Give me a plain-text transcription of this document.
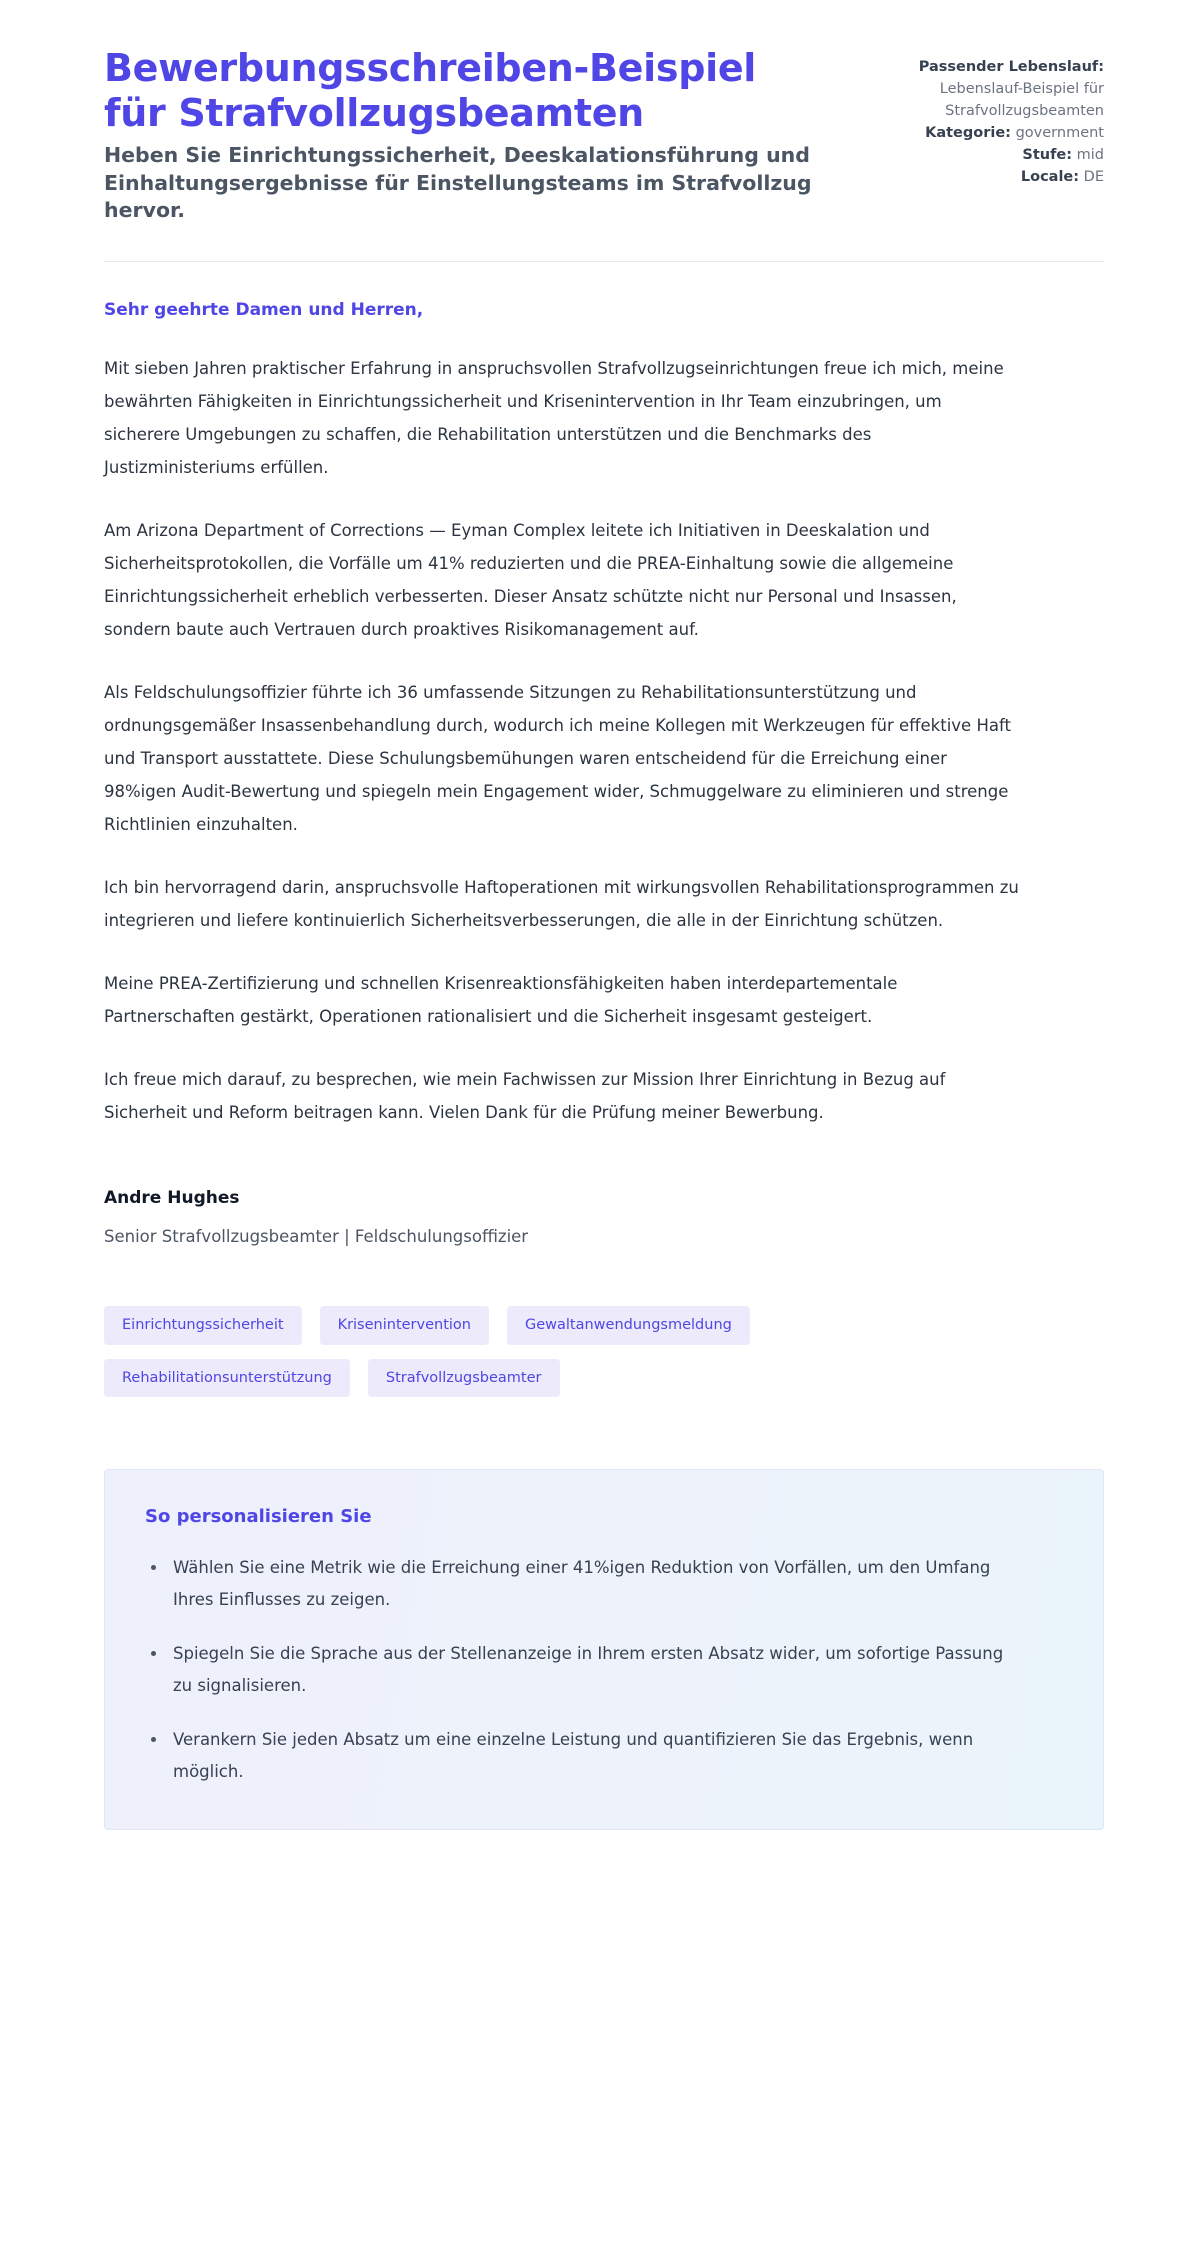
Bewerbungsschreiben-Beispiel für Strafvollzugsbeamten

Heben Sie Einrichtungssicherheit, Deeskalationsführung und Einhaltungsergebnisse für Einstellungsteams im Strafvollzug hervor.

Passender Lebenslauf:
Lebenslauf-Beispiel für Strafvollzugsbeamten
Kategorie: government
Stufe: mid
Locale: DE

Sehr geehrte Damen und Herren,

Mit sieben Jahren praktischer Erfahrung in anspruchsvollen Strafvollzugseinrichtungen freue ich mich, meine bewährten Fähigkeiten in Einrichtungssicherheit und Krisenintervention in Ihr Team einzubringen, um sicherere Umgebungen zu schaffen, die Rehabilitation unterstützen und die Benchmarks des Justizministeriums erfüllen.

Am Arizona Department of Corrections — Eyman Complex leitete ich Initiativen in Deeskalation und Sicherheitsprotokollen, die Vorfälle um 41% reduzierten und die PREA-Einhaltung sowie die allgemeine Einrichtungssicherheit erheblich verbesserten. Dieser Ansatz schützte nicht nur Personal und Insassen, sondern baute auch Vertrauen durch proaktives Risikomanagement auf.

Als Feldschulungsoffizier führte ich 36 umfassende Sitzungen zu Rehabilitationsunterstützung und ordnungsgemäßer Insassenbehandlung durch, wodurch ich meine Kollegen mit Werkzeugen für effektive Haft und Transport ausstattete. Diese Schulungsbemühungen waren entscheidend für die Erreichung einer 98%igen Audit-Bewertung und spiegeln mein Engagement wider, Schmuggelware zu eliminieren und strenge Richtlinien einzuhalten.

Ich bin hervorragend darin, anspruchsvolle Haftoperationen mit wirkungsvollen Rehabilitationsprogrammen zu integrieren und liefere kontinuierlich Sicherheitsverbesserungen, die alle in der Einrichtung schützen.

Meine PREA-Zertifizierung und schnellen Krisenreaktionsfähigkeiten haben interdepartementale Partnerschaften gestärkt, Operationen rationalisiert und die Sicherheit insgesamt gesteigert.

Ich freue mich darauf, zu besprechen, wie mein Fachwissen zur Mission Ihrer Einrichtung in Bezug auf Sicherheit und Reform beitragen kann. Vielen Dank für die Prüfung meiner Bewerbung.

Andre Hughes

Senior Strafvollzugsbeamter | Feldschulungsoffizier

Einrichtungssicherheit	Krisenintervention	Gewaltanwendungsmeldung
Rehabilitationsunterstützung	Strafvollzugsbeamter
So personalisieren Sie
Wählen Sie eine Metrik wie die Erreichung einer 41%igen Reduktion von Vorfällen, um den Umfang Ihres Einflusses zu zeigen.
Spiegeln Sie die Sprache aus der Stellenanzeige in Ihrem ersten Absatz wider, um sofortige Passung zu signalisieren.
Verankern Sie jeden Absatz um eine einzelne Leistung und quantifizieren Sie das Ergebnis, wenn möglich.
